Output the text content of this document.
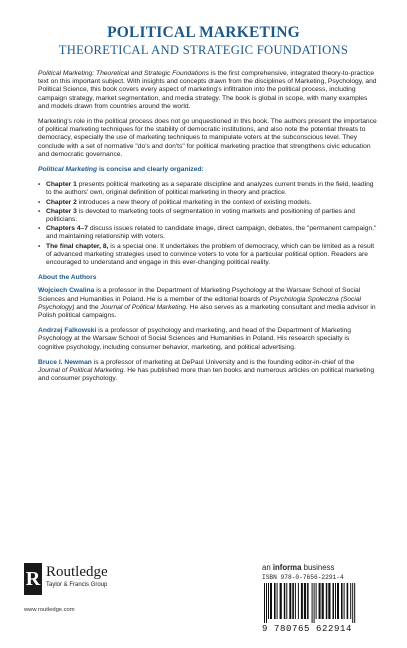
POLITICAL MARKETING
THEORETICAL AND STRATEGIC FOUNDATIONS

Political Marketing: Theoretical and Strategic Foundations is the first comprehensive, integrated theory-to-practice text on this important subject. With insights and concepts drawn from the disciplines of Marketing, Psychology, and Political Science, this book covers every aspect of marketing's infiltration into the political process, including campaign strategy, market segmentation, and media strategy. The book is global in scope, with many examples and models drawn from countries around the world.

Marketing's role in the political process does not go unquestioned in this book. The authors present the importance of political marketing techniques for the stability of democratic institutions, and also note the potential threats to democracy, especially the use of marketing techniques to manipulate voters at the subconscious level. They conclude with a set of normative "do's and don'ts" for political marketing practice that strengthens civic education and democratic governance.

Political Marketing is concise and clearly organized:

• Chapter 1 presents political marketing as a separate discipline and analyzes current trends in the field, leading to the authors' own, original definition of political marketing in theory and practice.
• Chapter 2 introduces a new theory of political marketing in the context of existing models.
• Chapter 3 is devoted to marketing tools of segmentation in voting markets and positioning of parties and politicians.
• Chapters 4–7 discuss issues related to candidate image, direct campaign, debates, the "permanent campaign," and maintaining relationship with voters.
• The final chapter, 8, is a special one. It undertakes the problem of democracy, which can be limited as a result of advanced marketing strategies used to convince voters to vote for a particular political option. Readers are encouraged to understand and engage in this ever-changing political reality.
About the Authors

Wojciech Cwalina is a professor in the Department of Marketing Psychology at the Warsaw School of Social Sciences and Humanities in Poland. He is a member of the editorial boards of Psychologia Społeczna (Social Psychology) and the Journal of Political Marketing. He also serves as a marketing consultant and media advisor in Polish political campaigns.

Andrzej Falkowski is a professor of psychology and marketing, and head of the Department of Marketing Psychology at the Warsaw School of Social Sciences and Humanities in Poland. His research specialty is cognitive psychology, including consumer behavior, marketing, and political advertising.

Bruce I. Newman is a professor of marketing at DePaul University and is the founding editor-in-chief of the Journal of Political Marketing. He has published more than ten books and numerous articles on political marketing and consumer psychology.

R Routledge
Taylor & Francis Group
www.routledge.com
an informa business
ISBN 978-0-7656-2291-4
9 780765 622914
